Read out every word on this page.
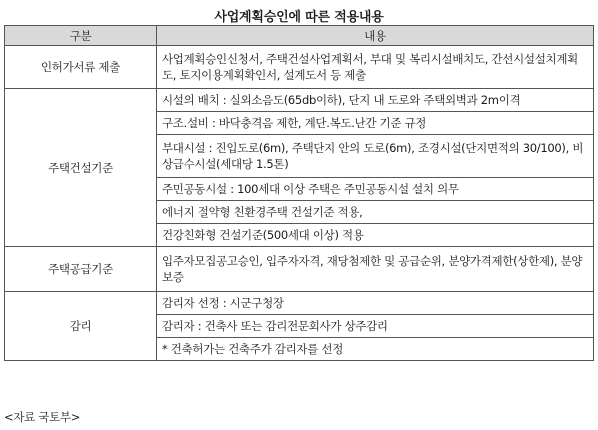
사업계획승인에 따른 적용내용
구분	내용
인허가서류 제출	사업계획승인신청서, 주택건설사업계획서, 부대 및 복리시설배치도, 간선시설설치계획도, 토지이용계획확인서, 설계도서 등 제출
주택건설기준	시설의 배치 : 실외소음도(65db이하), 단지 내 도로와 주택외벽과 2m이격
	구조.설비 : 바닥충격음 제한, 계단.복도.난간 기준 규정
	부대시설 : 진입도로(6m), 주택단지 안의 도로(6m), 조경시설(단지면적의 30/100), 비상급수시설(세대당 1.5톤)
	주민공동시설 : 100세대 이상 주택은 주민공동시설 설치 의무
	에너지 절약형 친환경주택 건설기준 적용,
	건강친화형 건설기준(500세대 이상) 적용
주택공급기준	입주자모집공고승인, 입주자자격, 재당첨제한 및 공급순위, 분양가격제한(상한제), 분양보증
감리	감리자 선정 : 시군구청장
	감리자 : 건축사 또는 감리전문회사가 상주감리
	* 건축허가는 건축주가 감리자를 선정
<자료 국토부>
